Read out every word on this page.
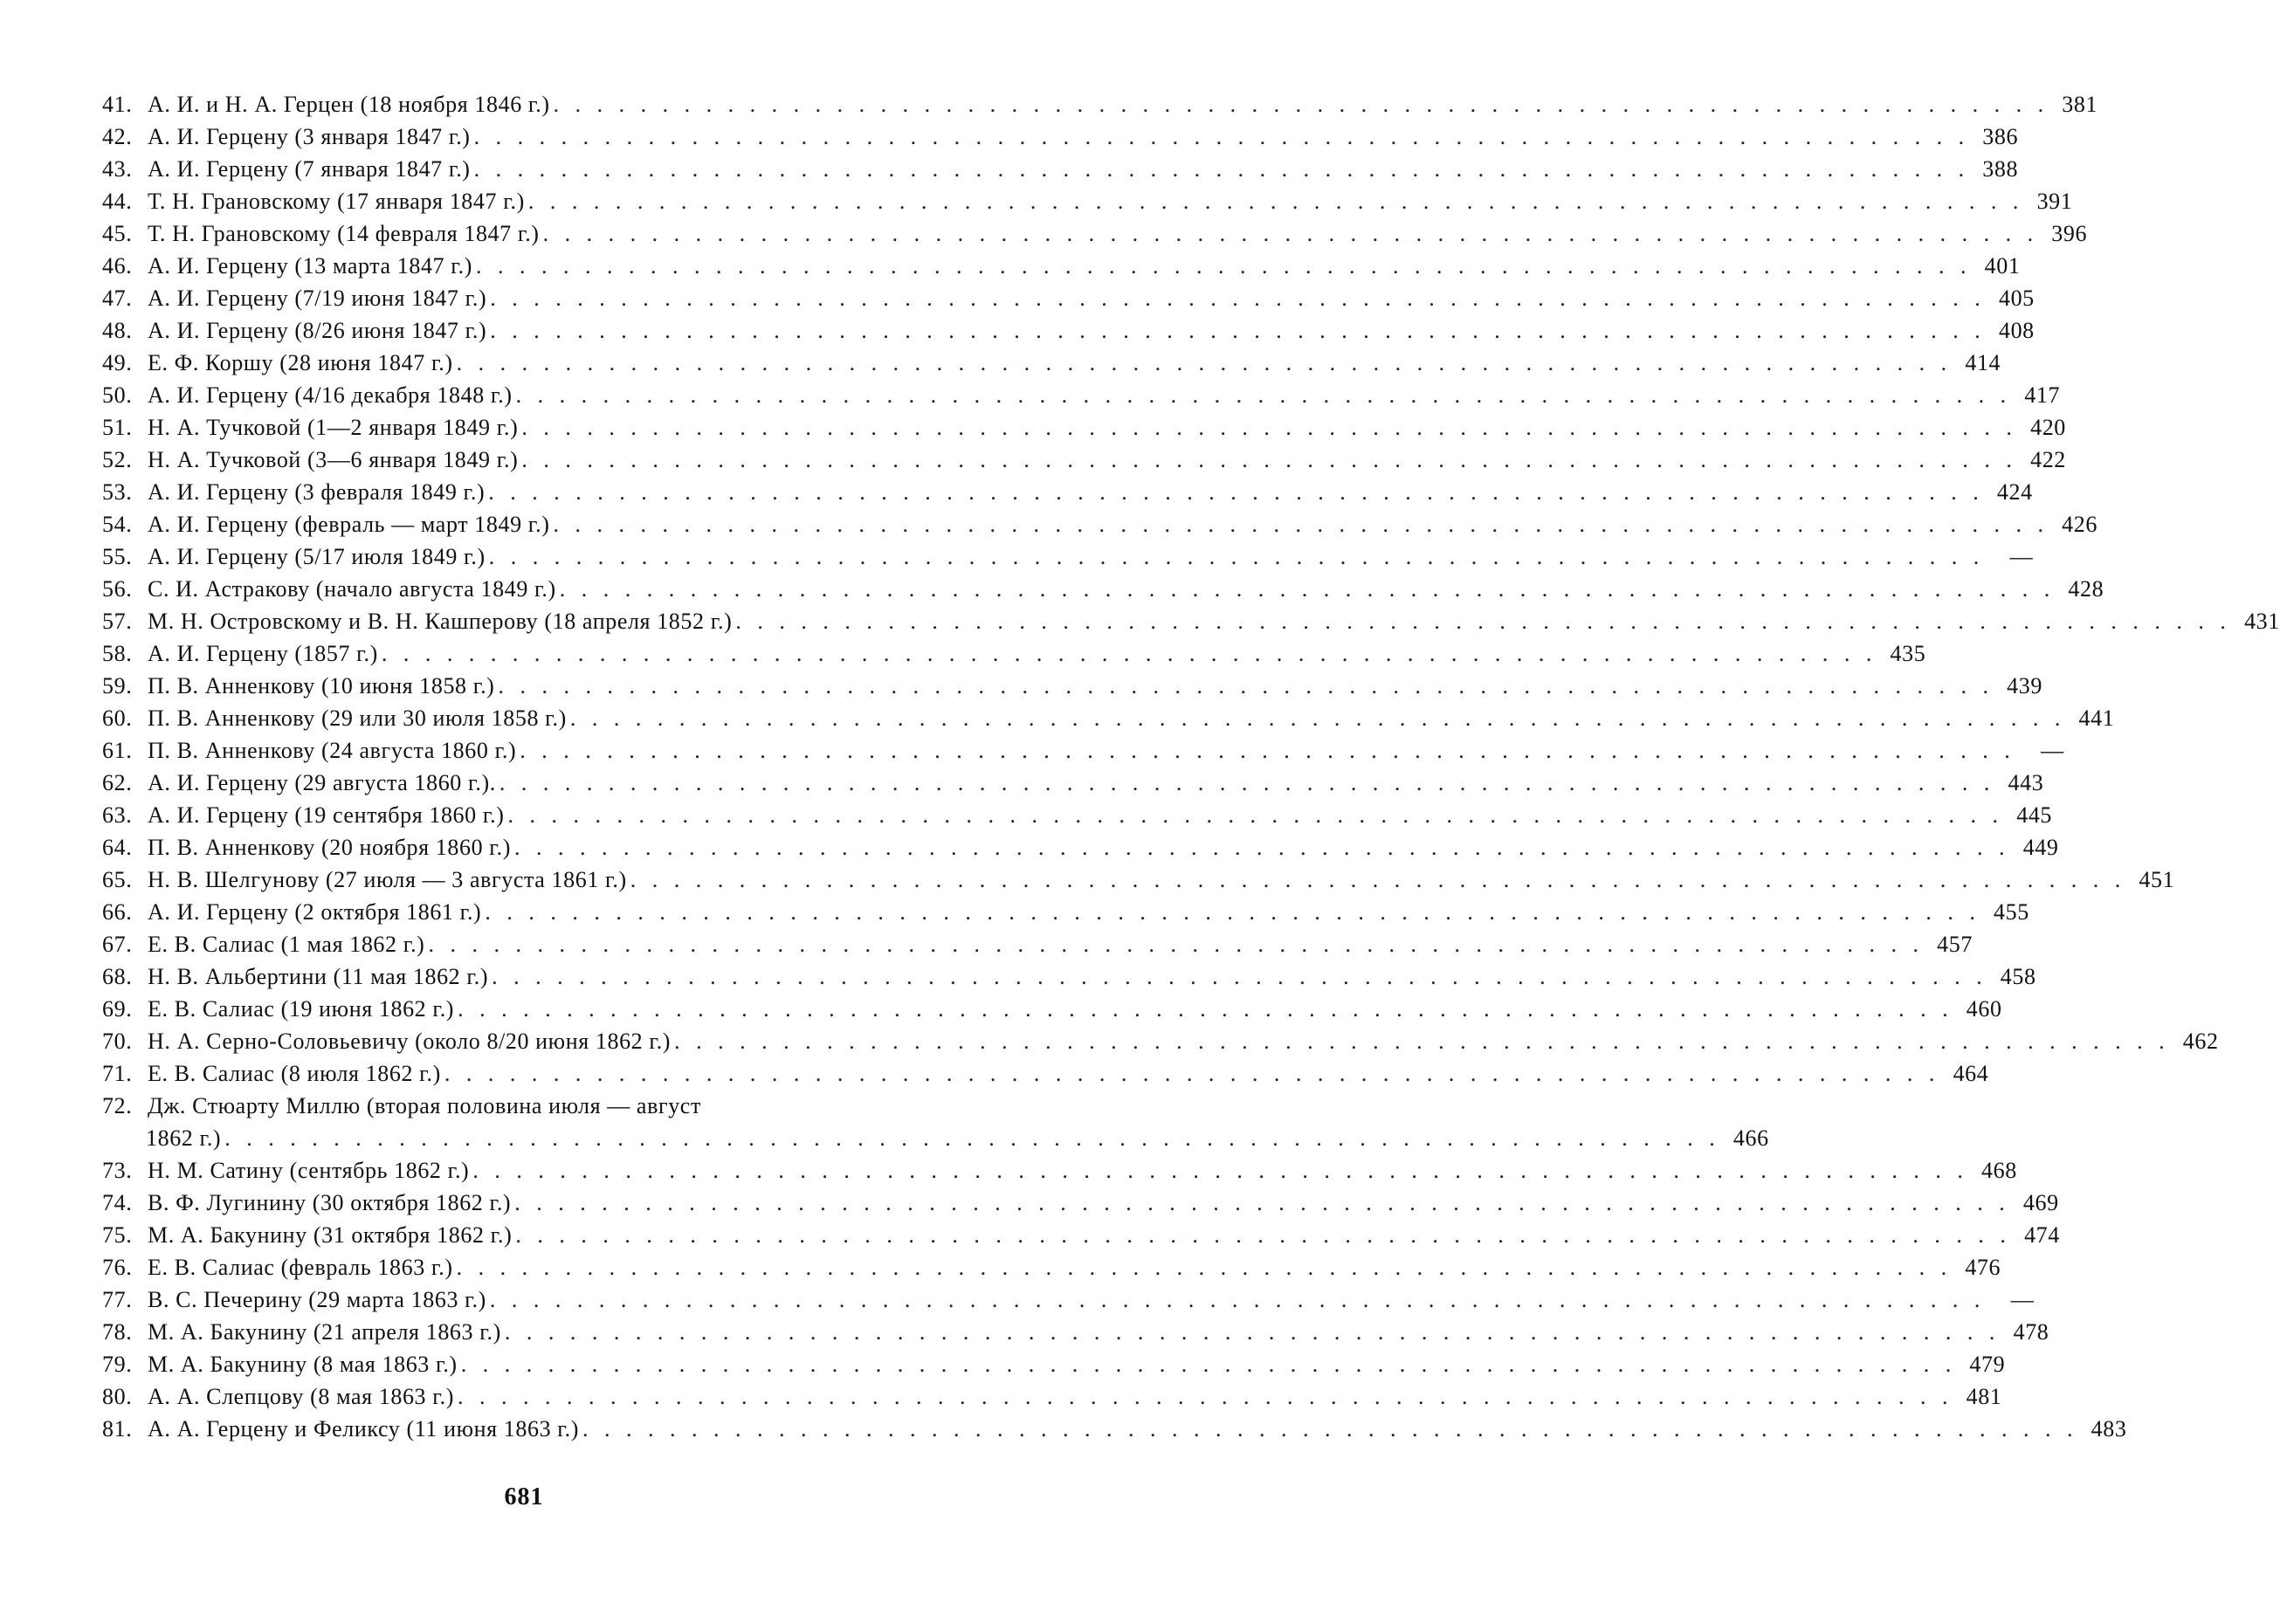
41. А. И. и Н. А. Герцен (18 ноября 1846 г.) . . .	381
42. А. И. Герцену (3 января 1847 г.) . . .	386
43. А. И. Герцену (7 января 1847 г.) . . .	388
44. Т. Н. Грановскому (17 января 1847 г.) . . .	391
45. Т. Н. Грановскому (14 февраля 1847 г.) . . .	396
46. А. И. Герцену (13 марта 1847 г.) . . .	401
47. А. И. Герцену (7/19 июня 1847 г.) . . .	405
48. А. И. Герцену (8/26 июня 1847 г.) . . .	408
49. Е. Ф. Коршу (28 июня 1847 г.) . . .	414
50. А. И. Герцену (4/16 декабря 1848 г.) . . .	417
51. Н. А. Тучковой (1—2 января 1849 г.) . . .	420
52. Н. А. Тучковой (3—6 января 1849 г.) . . .	422
53. А. И. Герцену (3 февраля 1849 г.) . . .	424
54. А. И. Герцену (февраль — март 1849 г.) . . .	426
55. А. И. Герцену (5/17 июля 1849 г.) . . .	—
56. С. И. Астракову (начало августа 1849 г.) . . .	428
57. М. Н. Островскому и В. Н. Кашперову (18 апреля 1852 г.) . . .	431
58. А. И. Герцену (1857 г.) . . .	435
59. П. В. Анненкову (10 июня 1858 г.) . . .	439
60. П. В. Анненкову (29 или 30 июля 1858 г.) . . .	441
61. П. В. Анненкову (24 августа 1860 г.) . . .	—
62. А. И. Герцену (29 августа 1860 г.). . . .	443
63. А. И. Герцену (19 сентября 1860 г.) . . .	445
64. П. В. Анненкову (20 ноября 1860 г.) . . .	449
65. Н. В. Шелгунову (27 июля — 3 августа 1861 г.) . . .	451
66. А. И. Герцену (2 октября 1861 г.) . . .	455
67. Е. В. Салиас (1 мая 1862 г.) . . .	457
68. Н. В. Альбертини (11 мая 1862 г.) . . .	458
69. Е. В. Салиас (19 июня 1862 г.) . . .	460
70. Н. А. Серно-Соловьевичу (около 8/20 июня 1862 г.) . . .	462
71. Е. В. Салиас (8 июля 1862 г.) . . .	464
72. Дж. Стюарту Миллю (вторая половина июля — август
1862 г.) . . .	466
73. Н. М. Сатину (сентябрь 1862 г.) . . .	468
74. В. Ф. Лугинину (30 октября 1862 г.) . . .	469
75. М. А. Бакунину (31 октября 1862 г.) . . .	474
76. Е. В. Салиас (февраль 1863 г.) . . .	476
77. В. С. Печерину (29 марта 1863 г.) . . .	—
78. М. А. Бакунину (21 апреля 1863 г.) . . .	478
79. М. А. Бакунину (8 мая 1863 г.) . . .	479
80. А. А. Слепцову (8 мая 1863 г.) . . .	481
81. А. А. Герцену и Феликсу (11 июня 1863 г.) . . .	483
681
